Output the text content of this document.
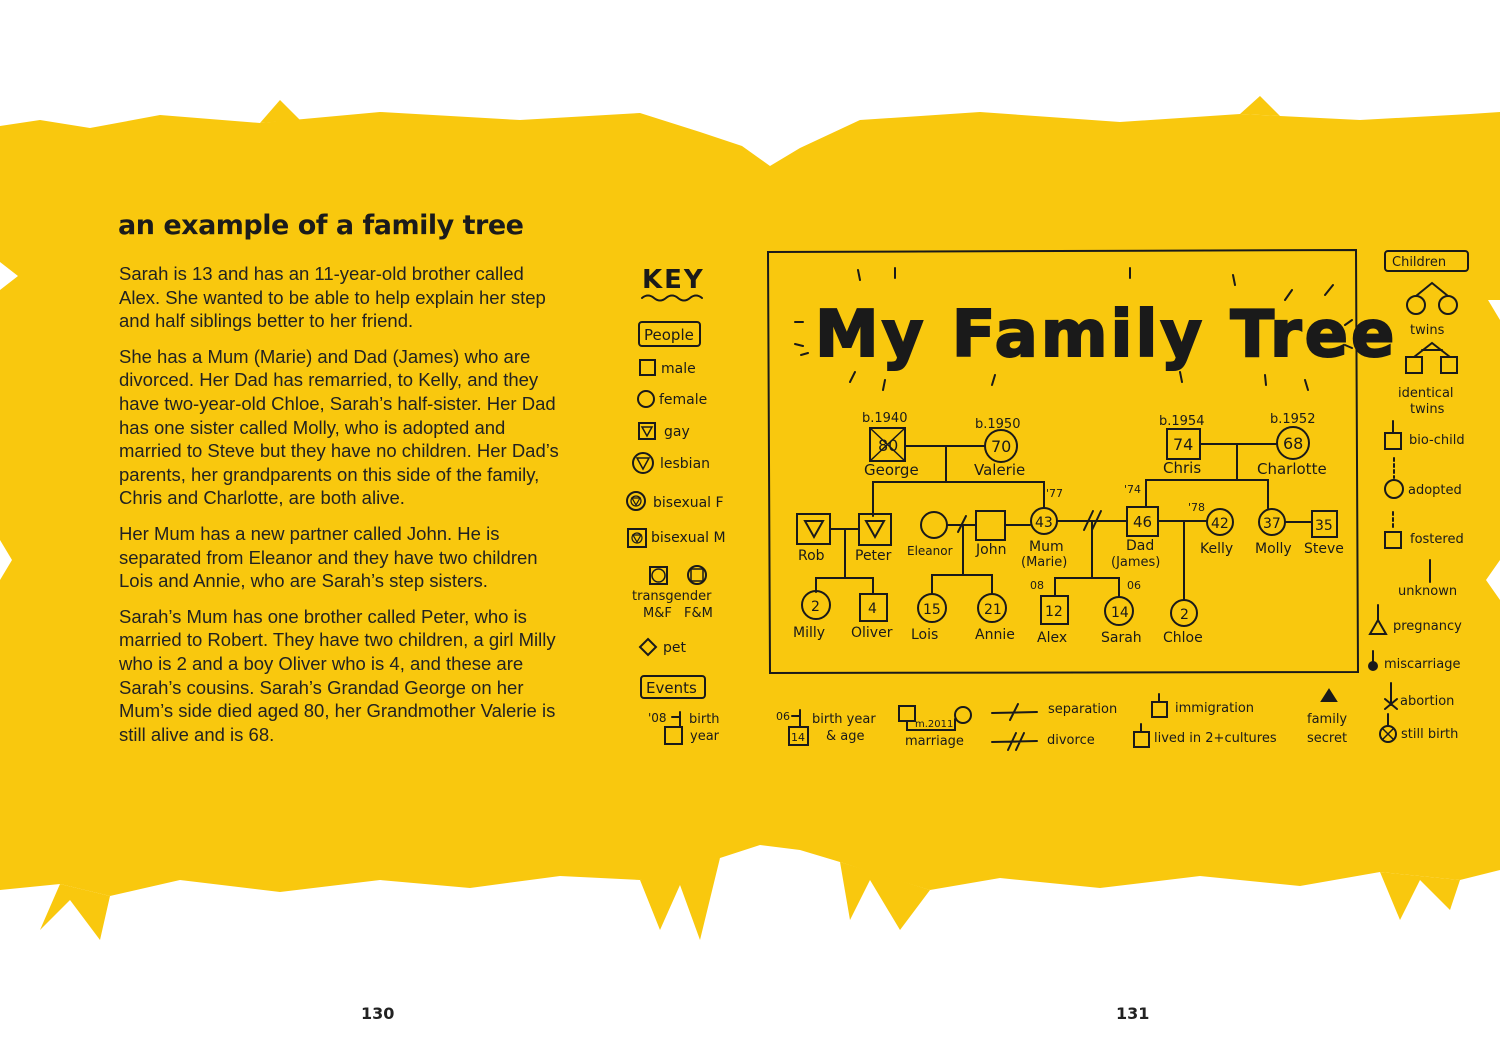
KEY
People
male
female
gay
lesbian
bisexual F
bisexual M
transgender
M&F F&M
pet
Events
'08 birth
year
My Family Tree
b.1940
80
George
b.1950
70
Valerie
b.1954
74
Chris
b.1952
68
Charlotte
Rob Peter Eleanor John
'77
43
Mum
(Marie)
'74
46
Dad
(James)
'78
42
Kelly
37
Molly
35
Steve
2
Milly
4
Oliver
15
Lois
21
Annie
08
12
Alex
06
14
Sarah
2
Chloe
06
14
birth year
& age
m.2011
marriage
separation
divorce
immigration
lived in 2+cultures
family
secret
Children
twins
identical
twins
bio-child
adopted
fostered
unknown
pregnancy
miscarriage
abortion
still birth
an example of a family tree

Sarah is 13 and has an 11-year-old brother called Alex. She wanted to be able to help explain her step and half siblings better to her friend.

She has a Mum (Marie) and Dad (James) who are divorced. Her Dad has remarried, to Kelly, and they have two-year-old Chloe, Sarah’s half-sister. Her Dad has one sister called Molly, who is adopted and married to Steve but they have no children. Her Dad’s parents, her grandparents on this side of the family, Chris and Charlotte, are both alive.

Her Mum has a new partner called John. He is separated from Eleanor and they have two children Lois and Annie, who are Sarah’s step sisters.

Sarah’s Mum has one brother called Peter, who is married to Robert. They have two children, a girl Milly who is 2 and a boy Oliver who is 4, and these are Sarah’s cousins. Sarah’s Grandad George on her Mum’s side died aged 80, her Grandmother Valerie is still alive and is 68.

130	131
